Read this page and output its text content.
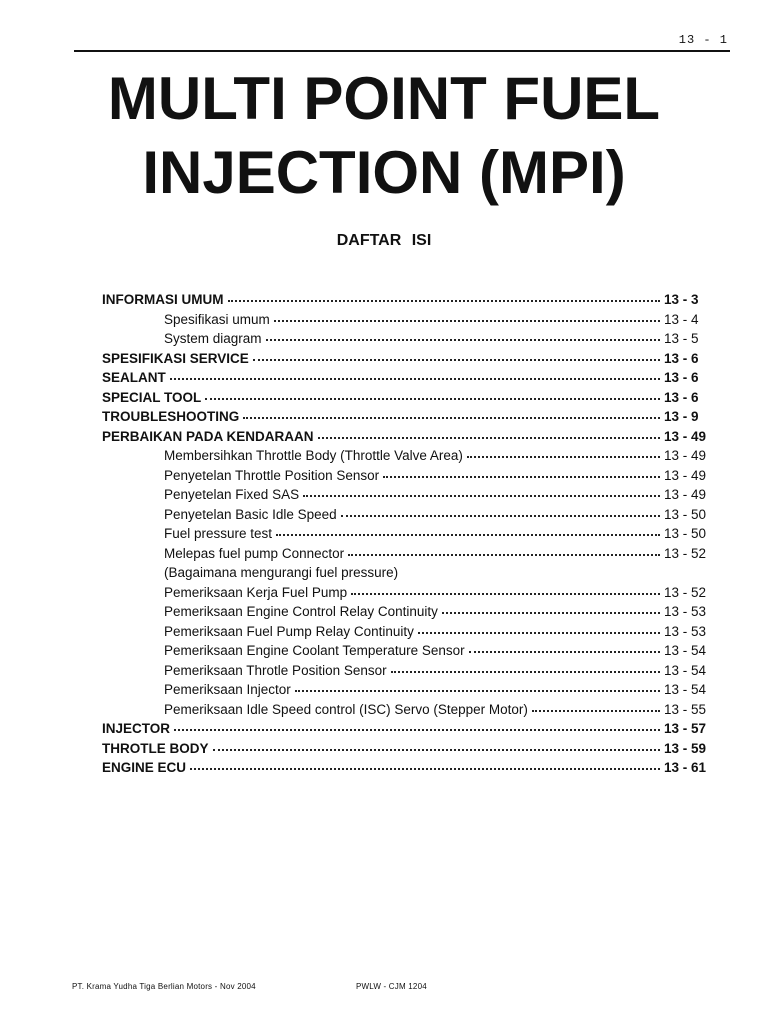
13 - 1
MULTI POINT FUEL
INJECTION (MPI)
DAFTAR ISI
INFORMASI UMUM	13 - 3
Spesifikasi umum	13 - 4
System diagram	13 - 5
SPESIFIKASI SERVICE	13 - 6
SEALANT	13 - 6
SPECIAL TOOL	13 - 6
TROUBLESHOOTING	13 - 9
PERBAIKAN PADA KENDARAAN	13 - 49
Membersihkan Throttle Body (Throttle Valve Area)	13 - 49
Penyetelan Throttle Position Sensor	13 - 49
Penyetelan Fixed SAS	13 - 49
Penyetelan Basic Idle Speed	13 - 50
Fuel pressure test	13 - 50
Melepas fuel pump Connector	13 - 52
(Bagaimana mengurangi fuel pressure)
Pemeriksaan Kerja Fuel Pump	13 - 52
Pemeriksaan Engine Control Relay Continuity	13 - 53
Pemeriksaan Fuel Pump Relay Continuity	13 - 53
Pemeriksaan Engine Coolant Temperature Sensor	13 - 54
Pemeriksaan Throtle Position Sensor	13 - 54
Pemeriksaan Injector	13 - 54
Pemeriksaan Idle Speed control (ISC) Servo (Stepper Motor)	13 - 55
INJECTOR	13 - 57
THROTLE BODY	13 - 59
ENGINE ECU	13 - 61
PT. Krama Yudha Tiga Berlian Motors - Nov 2004	PWLW - CJM 1204
